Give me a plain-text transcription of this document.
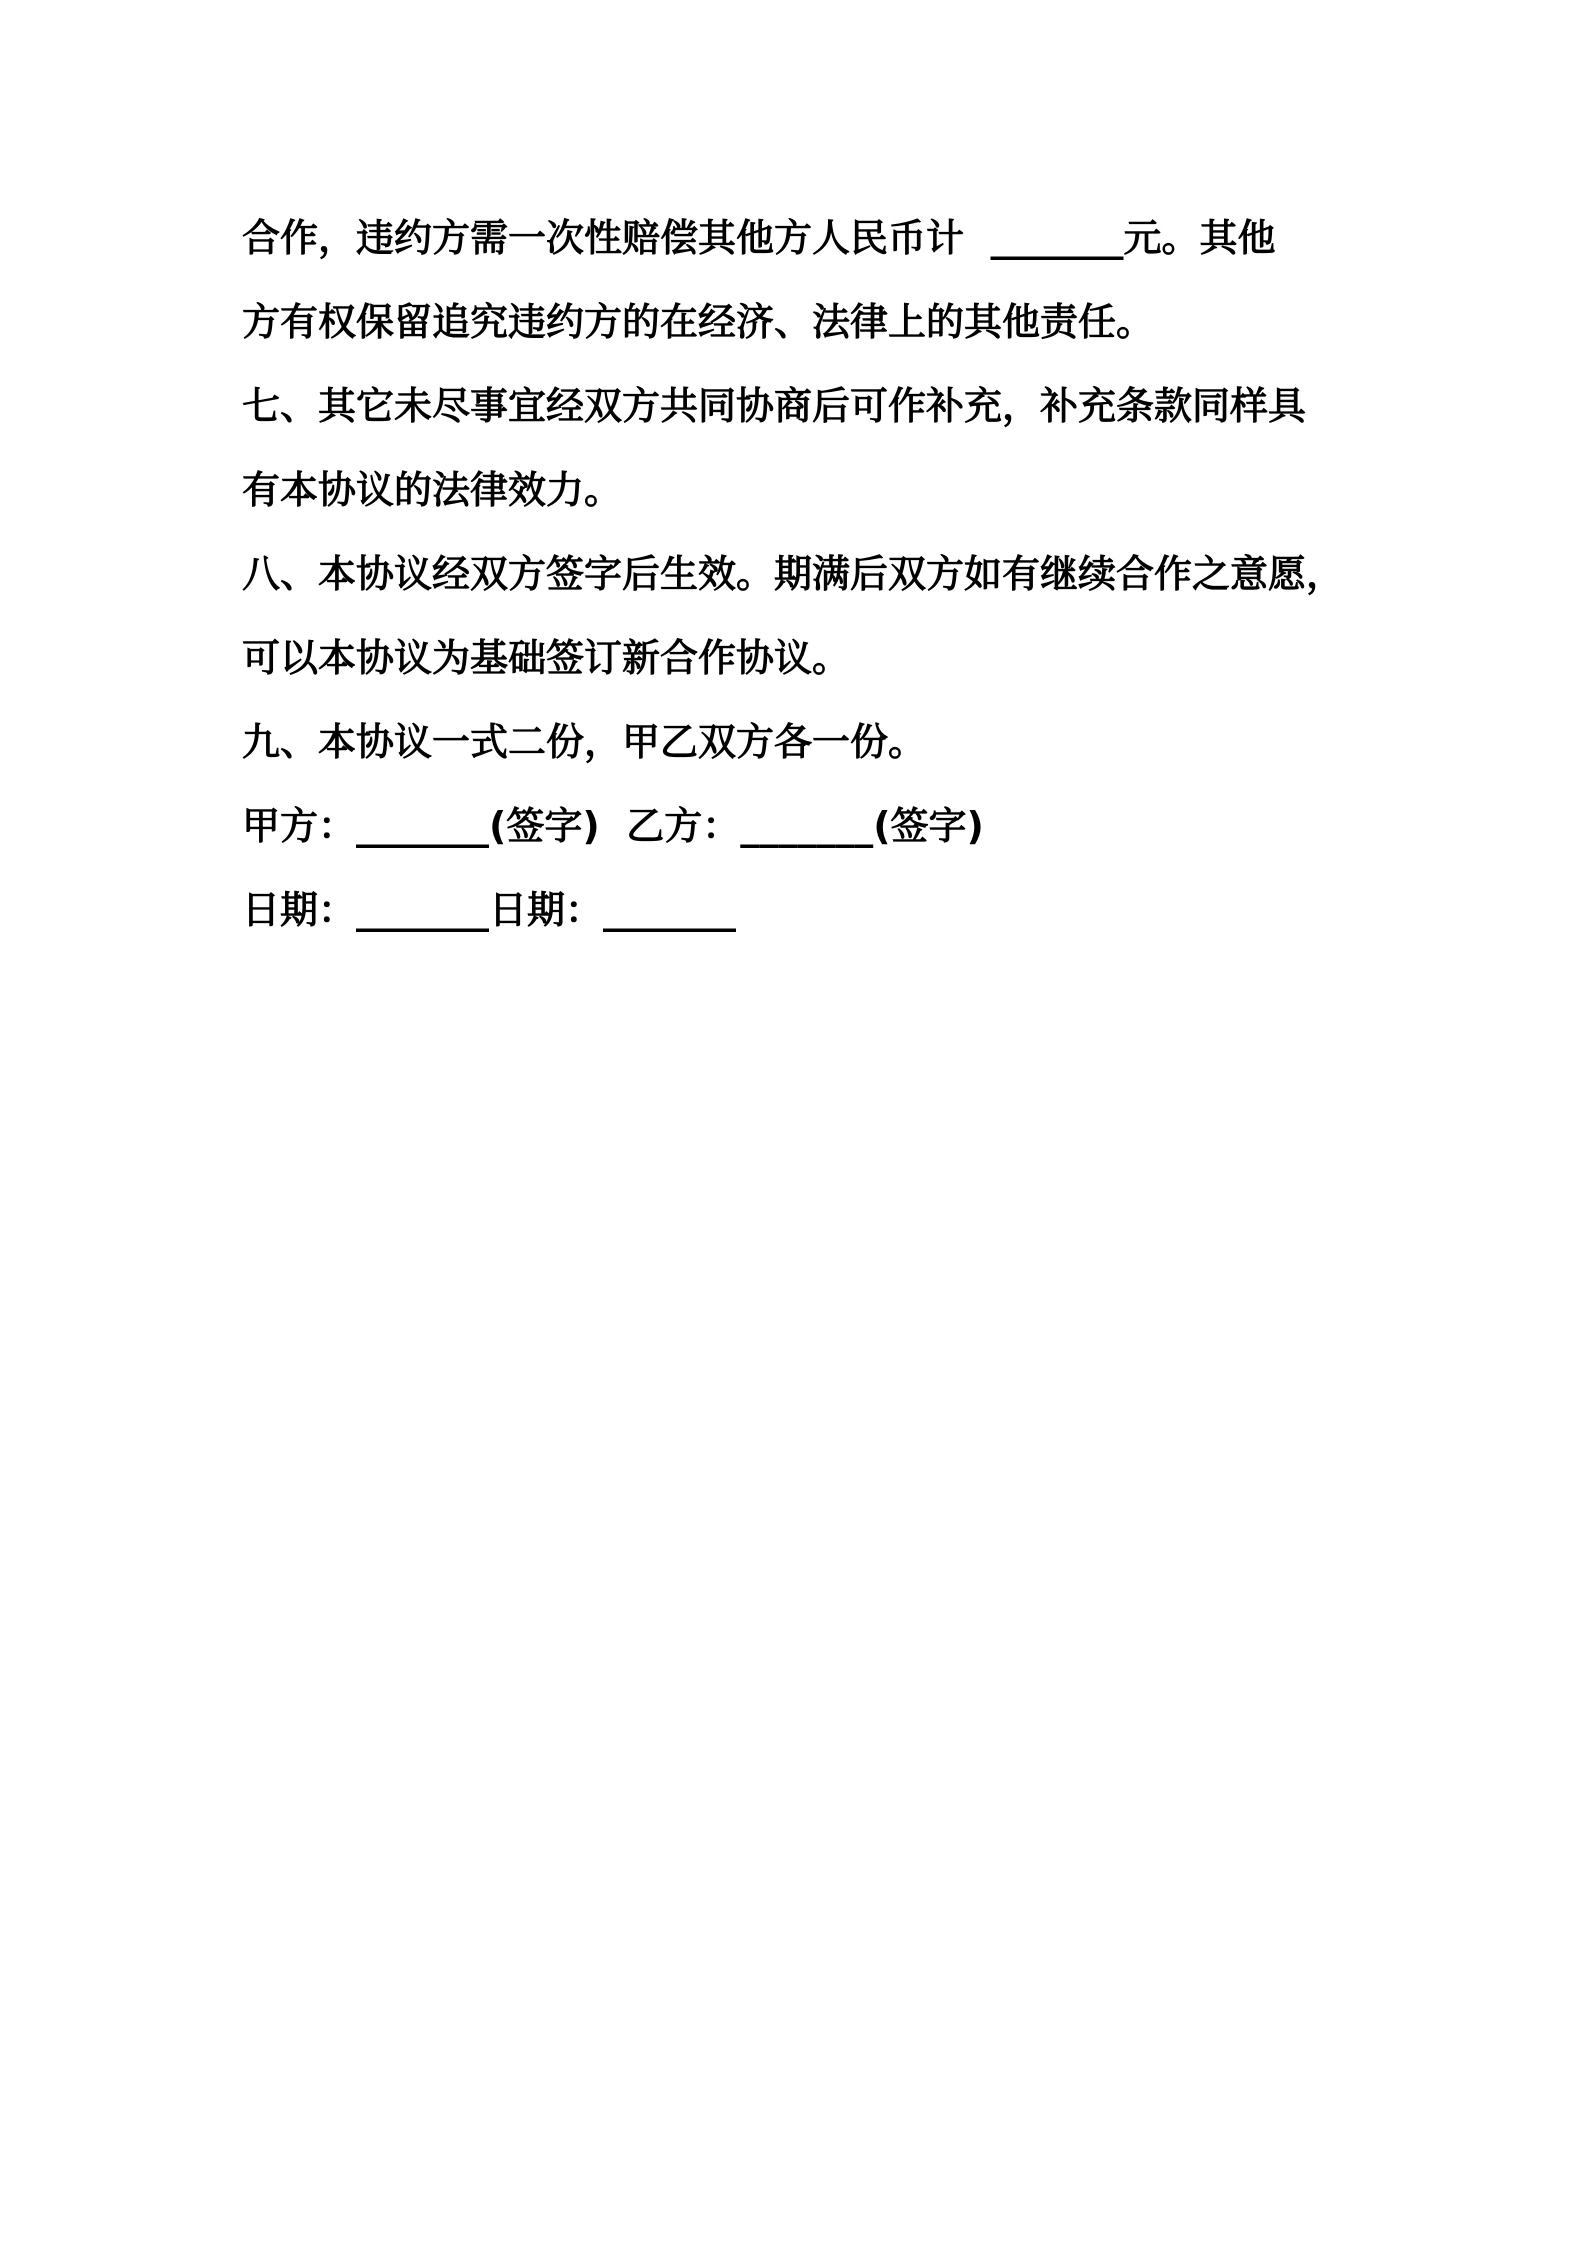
合作，违约方需一次性赔偿其他方人民币计  _______元。其他
方有权保留追究违约方的在经济、法律上的其他责任。
七、其它未尽事宜经双方共同协商后可作补充，补充条款同样具
有本协议的法律效力。
八、本协议经双方签字后生效。期满后双方如有继续合作之意愿，
可以本协议为基础签订新合作协议。
九、本协议一式二份，甲乙双方各一份。
甲方：_______(签字)  乙方：_______(签字)
日期：_______日期：_______
